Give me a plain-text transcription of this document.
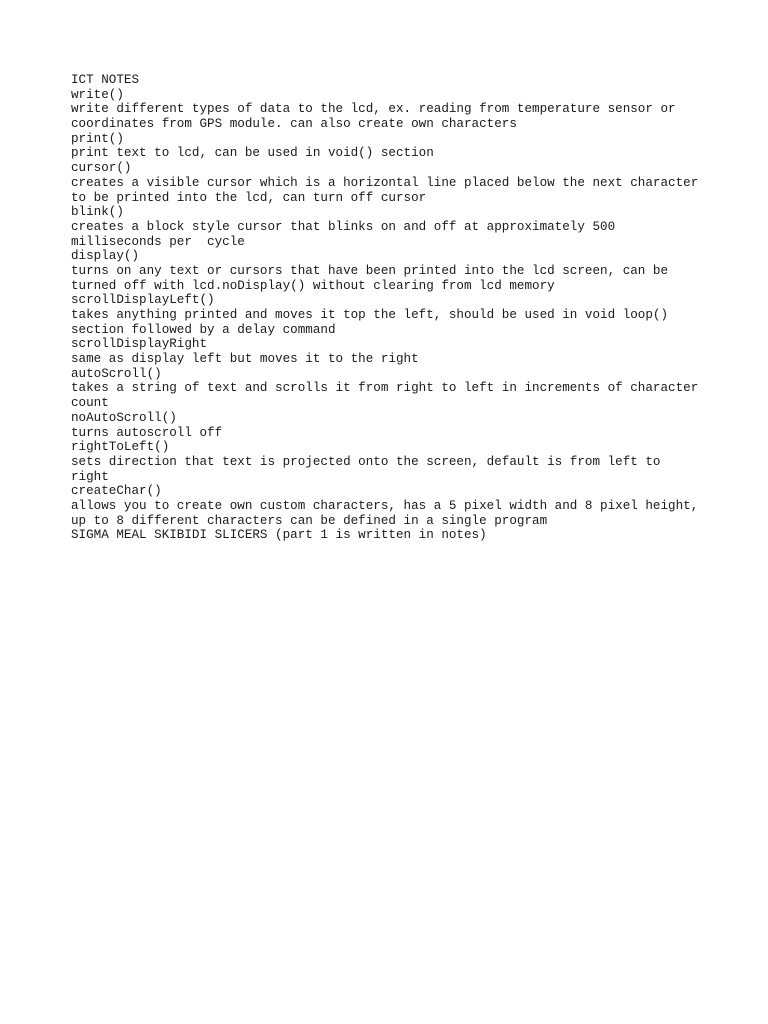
ICT NOTES
write()
write different types of data to the lcd, ex. reading from temperature sensor or
coordinates from GPS module. can also create own characters
print()
print text to lcd, can be used in void() section
cursor()
creates a visible cursor which is a horizontal line placed below the next character
to be printed into the lcd, can turn off cursor
blink()
creates a block style cursor that blinks on and off at approximately 500
milliseconds per  cycle
display()
turns on any text or cursors that have been printed into the lcd screen, can be
turned off with lcd.noDisplay() without clearing from lcd memory
scrollDisplayLeft()
takes anything printed and moves it top the left, should be used in void loop()
section followed by a delay command
scrollDisplayRight
same as display left but moves it to the right
autoScroll()
takes a string of text and scrolls it from right to left in increments of character
count
noAutoScroll()
turns autoscroll off
rightToLeft()
sets direction that text is projected onto the screen, default is from left to
right
createChar()
allows you to create own custom characters, has a 5 pixel width and 8 pixel height,
up to 8 different characters can be defined in a single program
SIGMA MEAL SKIBIDI SLICERS (part 1 is written in notes)
